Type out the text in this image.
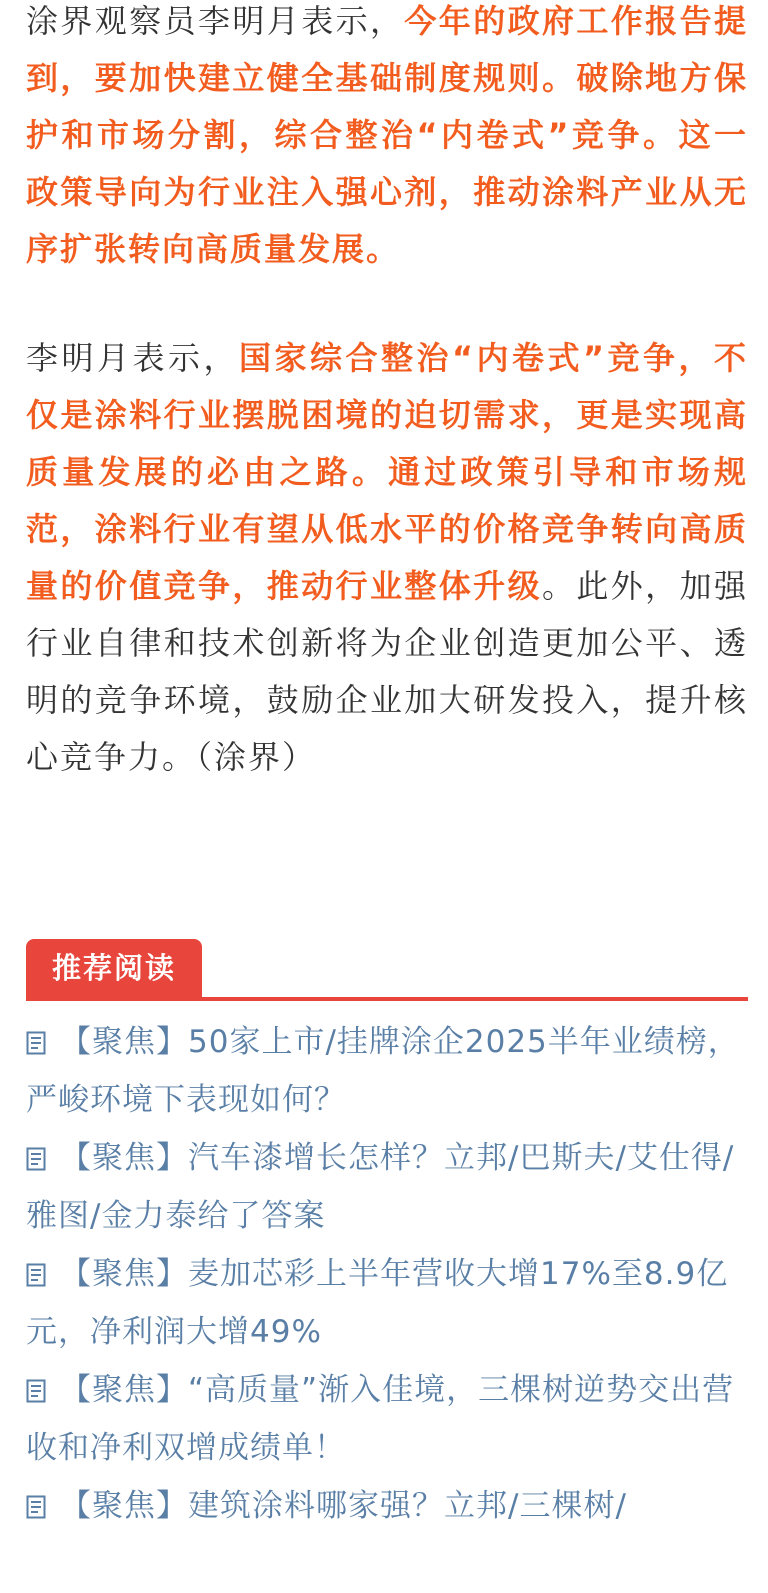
涂界观察员李明月表示，今年的政府工作报告提到，要加快建立健全基础制度规则。破除地方保护和市场分割，综合整治“内卷式”竞争。这一政策导向为行业注入强心剂，推动涂料产业从无序扩张转向高质量发展。

李明月表示，国家综合整治“内卷式”竞争，不仅是涂料行业摆脱困境的迫切需求，更是实现高质量发展的必由之路。通过政策引导和市场规范，涂料行业有望从低水平的价格竞争转向高质量的价值竞争，推动行业整体升级。此外，加强行业自律和技术创新将为企业创造更加公平、透明的竞争环境，鼓励企业加大研发投入，提升核心竞争力。（涂界）

推荐阅读
【聚焦】50家上市/挂牌涂企2025半年业绩榜，严峻环境下表现如何？
【聚焦】汽车漆增长怎样？立邦/巴斯夫/艾仕得/雅图/金力泰给了答案
【聚焦】麦加芯彩上半年营收大增17%至8.9亿元，净利润大增49%
【聚焦】“高质量”渐入佳境，三棵树逆势交出营收和净利双增成绩单！
【聚焦】建筑涂料哪家强？立邦/三棵树/
